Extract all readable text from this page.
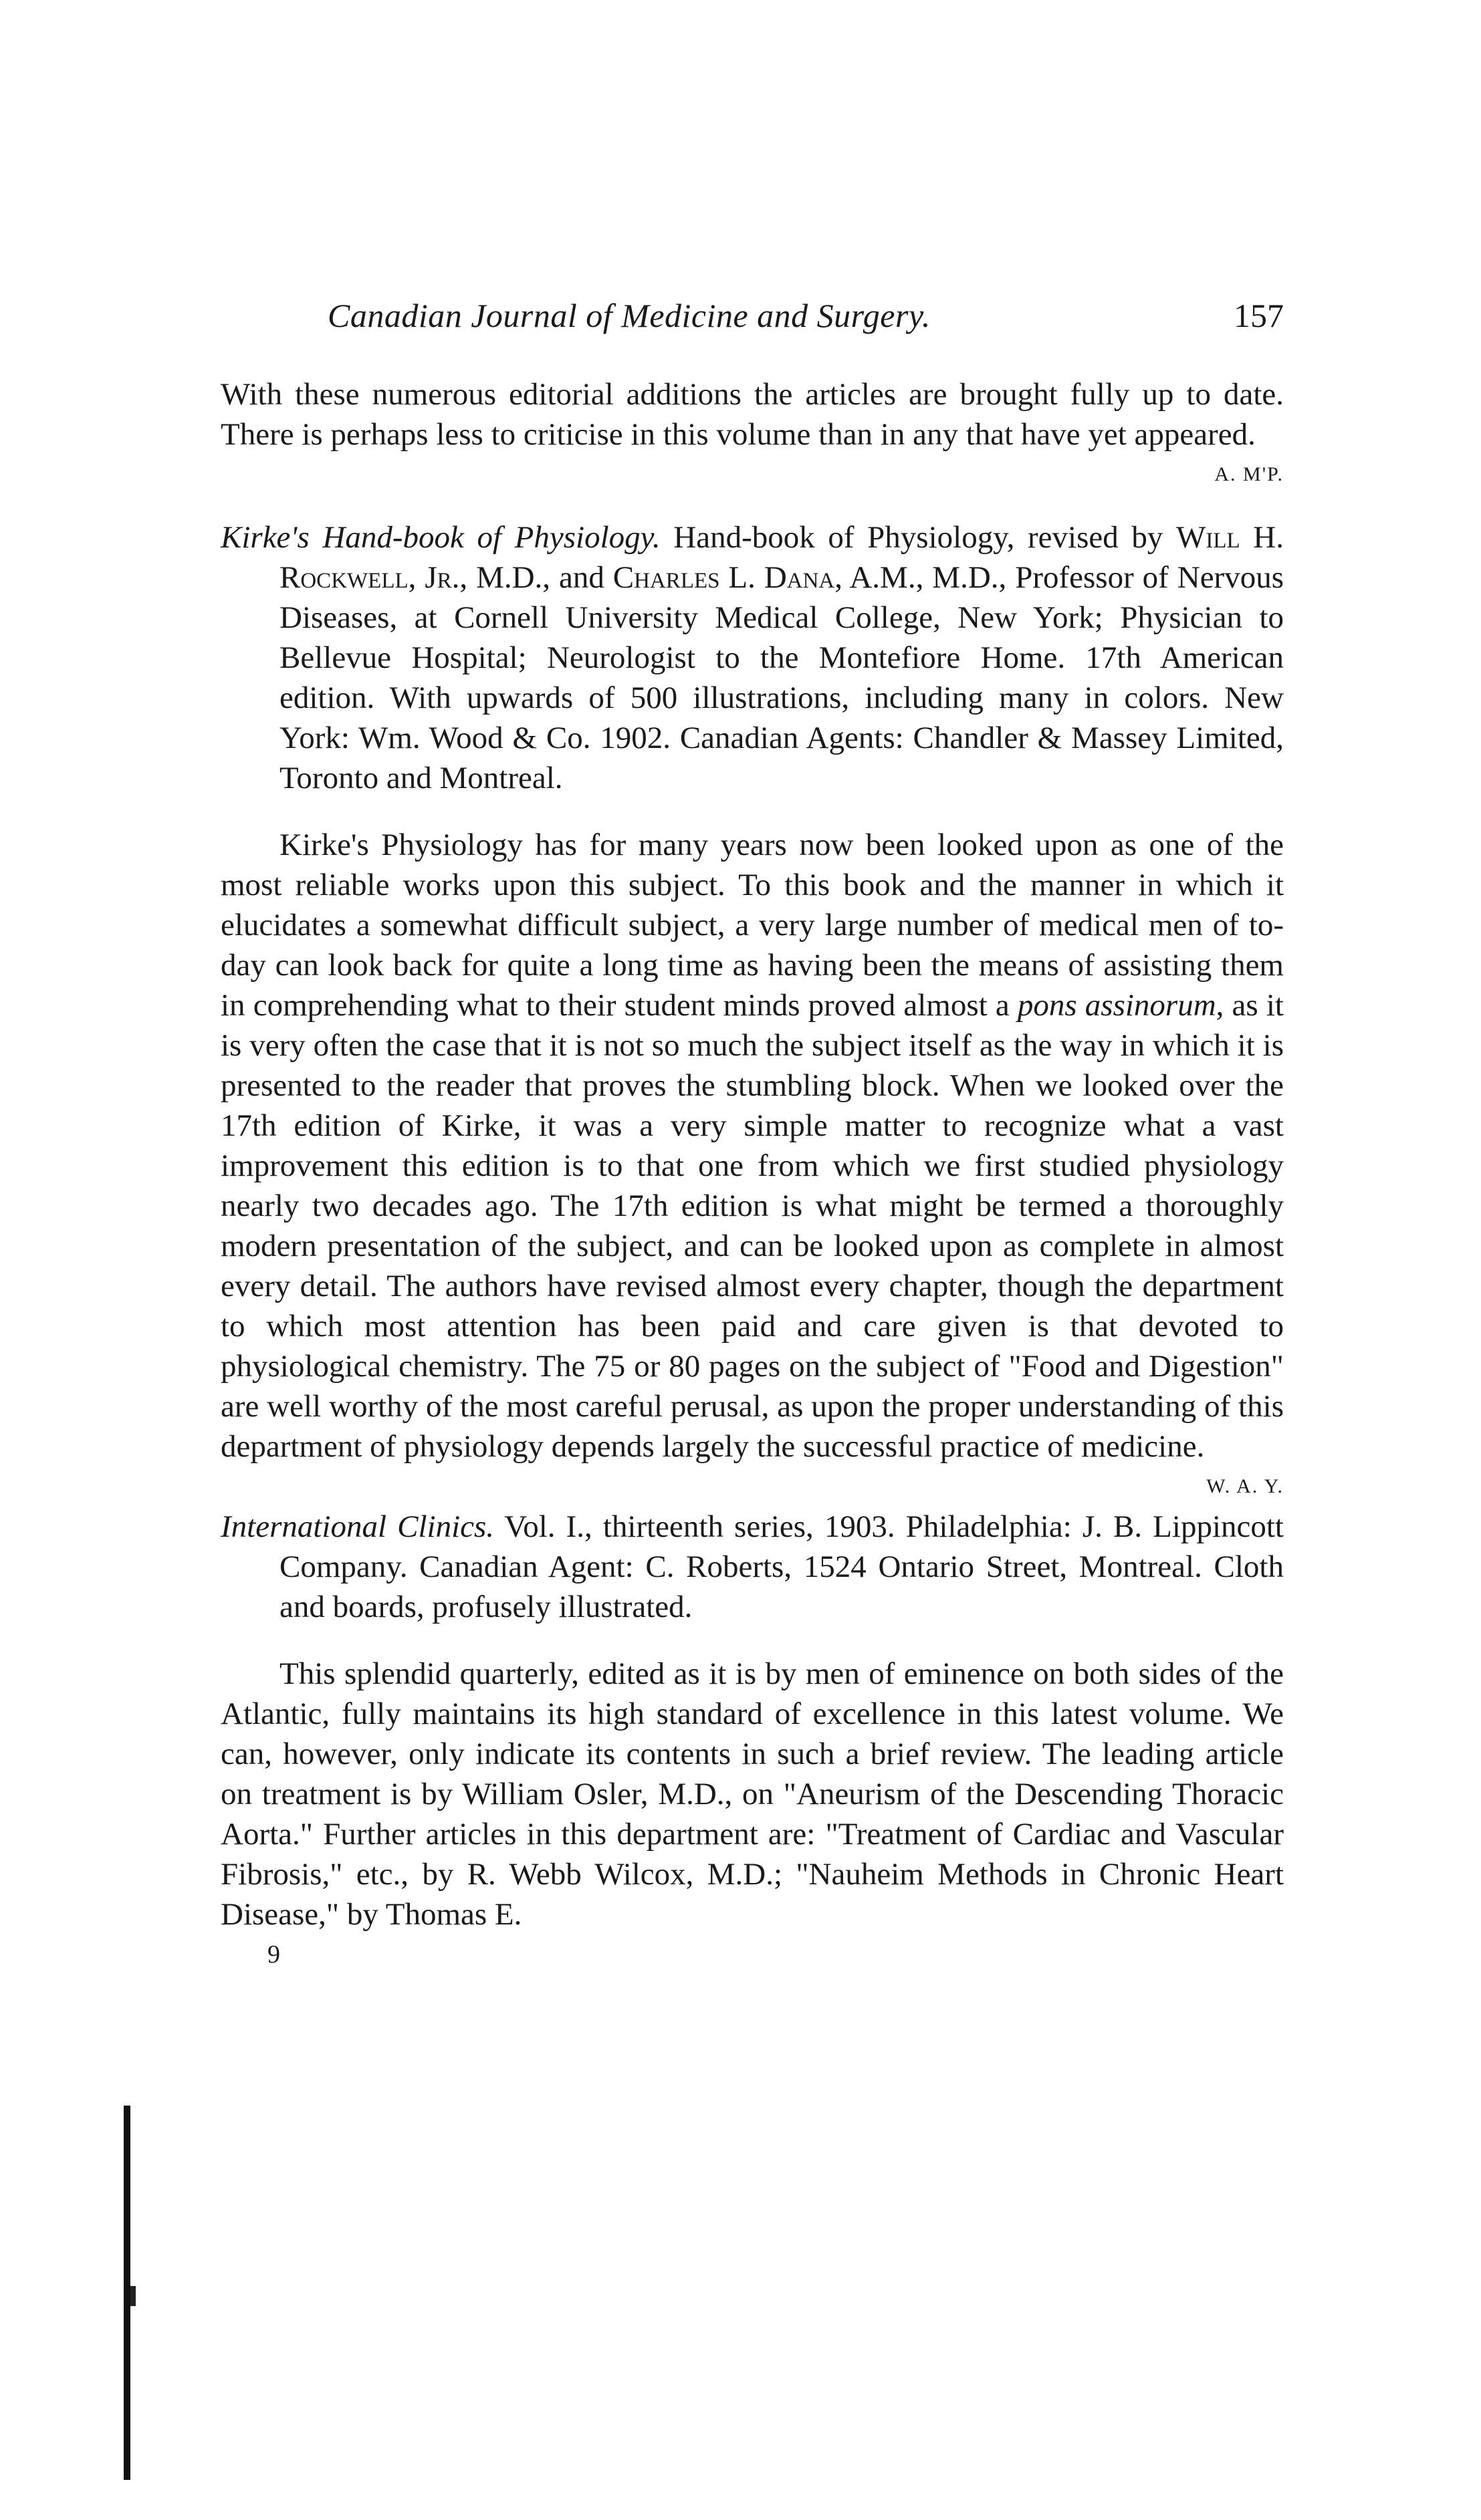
Canadian Journal of Medicine and Surgery.	157

With these numerous editorial additions the articles are brought fully up to date. There is perhaps less to criticise in this volume than in any that have yet appeared.

A. M'P.

Kirke's Hand-book of Physiology. Hand-book of Physiology, revised by Will H. Rockwell, Jr., M.D., and Charles L. Dana, A.M., M.D., Professor of Nervous Diseases, at Cornell University Medical College, New York; Physician to Bellevue Hospital; Neurologist to the Montefiore Home. 17th American edition. With upwards of 500 illustrations, including many in colors. New York: Wm. Wood & Co. 1902. Canadian Agents: Chandler & Massey Limited, Toronto and Montreal.

Kirke's Physiology has for many years now been looked upon as one of the most reliable works upon this subject. To this book and the manner in which it elucidates a somewhat difficult subject, a very large number of medical men of to-day can look back for quite a long time as having been the means of assisting them in comprehending what to their student minds proved almost a pons assinorum, as it is very often the case that it is not so much the subject itself as the way in which it is presented to the reader that proves the stumbling block. When we looked over the 17th edition of Kirke, it was a very simple matter to recognize what a vast improvement this edition is to that one from which we first studied physiology nearly two decades ago. The 17th edition is what might be termed a thoroughly modern presentation of the subject, and can be looked upon as complete in almost every detail. The authors have revised almost every chapter, though the department to which most attention has been paid and care given is that devoted to physiological chemistry. The 75 or 80 pages on the subject of "Food and Digestion" are well worthy of the most careful perusal, as upon the proper understanding of this department of physiology depends largely the successful practice of medicine.

W. A. Y.

International Clinics. Vol. I., thirteenth series, 1903. Philadelphia: J. B. Lippincott Company. Canadian Agent: C. Roberts, 1524 Ontario Street, Montreal. Cloth and boards, profusely illustrated.

This splendid quarterly, edited as it is by men of eminence on both sides of the Atlantic, fully maintains its high standard of excellence in this latest volume. We can, however, only indicate its contents in such a brief review. The leading article on treatment is by William Osler, M.D., on "Aneurism of the Descending Thoracic Aorta." Further articles in this department are: "Treatment of Cardiac and Vascular Fibrosis," etc., by R. Webb Wilcox, M.D.; "Nauheim Methods in Chronic Heart Disease," by Thomas E.

9
